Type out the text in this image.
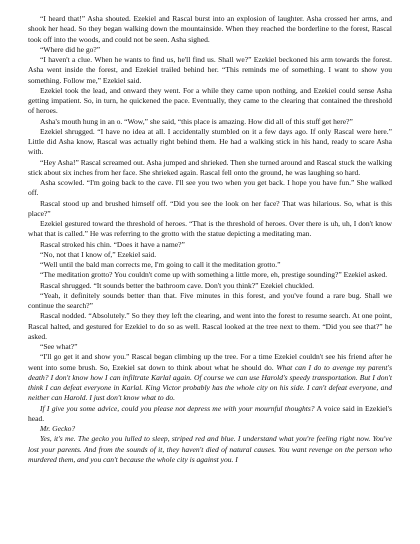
“I heard that!” Asha shouted. Ezekiel and Rascal burst into an explosion of laughter. Asha crossed her arms, and shook her head. So they began walking down the mountainside. When they reached the borderline to the forest, Rascal took off into the woods, and could not be seen. Asha sighed.

“Where did he go?”

“I haven't a clue. When he wants to find us, he'll find us. Shall we?” Ezekiel beckoned his arm towards the forest. Asha went inside the forest, and Ezekiel trailed behind her. “This reminds me of something. I want to show you something. Follow me,” Ezekiel said.

Ezekiel took the lead, and onward they went. For a while they came upon nothing, and Ezekiel could sense Asha getting impatient. So, in turn, he quickened the pace. Eventually, they came to the clearing that contained the threshold of heroes.

Asha's mouth hung in an o. “Wow,” she said, “this place is amazing. How did all of this stuff get here?”

Ezekiel shrugged. “I have no idea at all. I accidentally stumbled on it a few days ago. If only Rascal were here.” Little did Asha know, Rascal was actually right behind them. He had a walking stick in his hand, ready to scare Asha with.

“Hey Asha!” Rascal screamed out. Asha jumped and shrieked. Then she turned around and Rascal stuck the walking stick about six inches from her face. She shrieked again. Rascal fell onto the ground, he was laughing so hard.

Asha scowled. “I'm going back to the cave. I'll see you two when you get back. I hope you have fun.” She walked off.

Rascal stood up and brushed himself off. “Did you see the look on her face? That was hilarious. So, what is this place?”

Ezekiel gestured toward the threshold of heroes. “That is the threshold of heroes. Over there is uh, uh, I don't know what that is called.” He was referring to the grotto with the statue depicting a meditating man.

Rascal stroked his chin. “Does it have a name?”

“No, not that I know of,” Ezekiel said.

“Well until the bald man corrects me, I'm going to call it the meditation grotto.”

“The meditation grotto? You couldn't come up with something a little more, eh, prestige sounding?” Ezekiel asked.

Rascal shrugged. “It sounds better the bathroom cave. Don't you think?” Ezekiel chuckled.

“Yeah, it definitely sounds better than that. Five minutes in this forest, and you've found a rare bug. Shall we continue the search?”

Rascal nodded. “Absolutely.” So they they left the clearing, and went into the forest to resume search. At one point, Rascal halted, and gestured for Ezekiel to do so as well. Rascal looked at the tree next to them. “Did you see that?” he asked.

“See what?”

“I'll go get it and show you.” Rascal began climbing up the tree. For a time Ezekiel couldn't see his friend after he went into some brush. So, Ezekiel sat down to think about what he should do. What can I do to avenge my parent's death? I don't know how I can infiltrate Karlal again. Of course we can use Harold's speedy transportation. But I don't think I can defeat everyone in Karlal. King Victor probably has the whole city on his side. I can't defeat everyone, and neither can Harold. I just don't know what to do.

If I give you some advice, could you please not depress me with your mournful thoughts? A voice said in Ezekiel's head.

Mr. Gecko?

Yes, it's me. The gecko you lulled to sleep, striped red and blue. I understand what you're feeling right now. You've lost your parents. And from the sounds of it, they haven't died of natural causes. You want revenge on the person who murdered them, and you can't because the whole city is against you. I
